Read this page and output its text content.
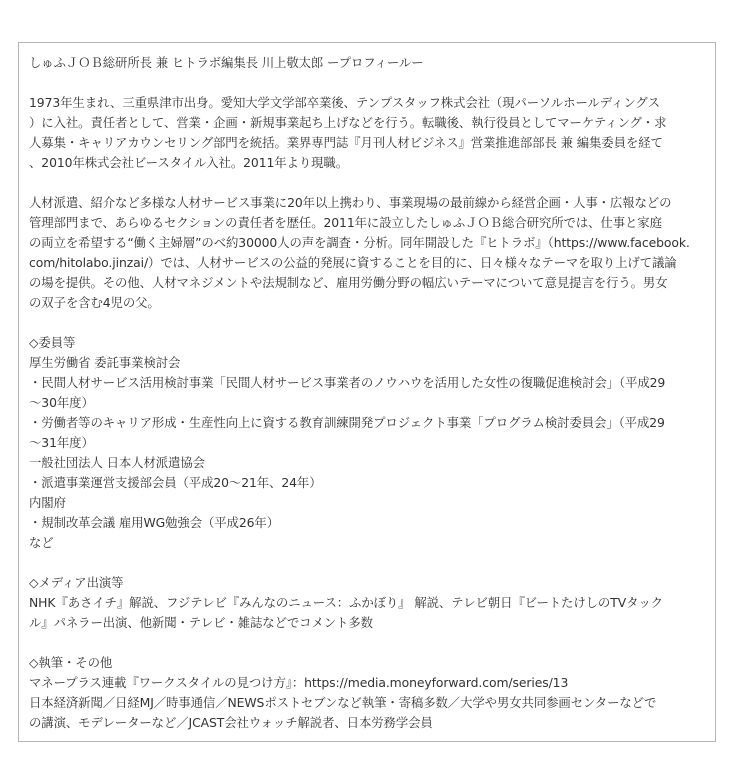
しゅふＪＯＢ総研所長 兼 ヒトラボ編集長 川上敬太郎 ープロフィールー
1973年生まれ、三重県津市出身。愛知大学文学部卒業後、テンプスタッフ株式会社（現パーソルホールディングス
）に入社。責任者として、営業・企画・新規事業起ち上げなどを行う。転職後、執行役員としてマーケティング・求
人募集・キャリアカウンセリング部門を統括。業界専門誌『月刊人材ビジネス』営業推進部部長 兼 編集委員を経て
、2010年株式会社ビースタイル入社。2011年より現職。
人材派遣、紹介など多様な人材サービス事業に20年以上携わり、事業現場の最前線から経営企画・人事・広報などの
管理部門まで、あらゆるセクションの責任者を歴任。2011年に設立したしゅふＪＯＢ総合研究所では、仕事と家庭
の両立を希望する“働く主婦層”のべ約30000人の声を調査・分析。同年開設した『ヒトラボ』（https://www.facebook.
com/hitolabo.jinzai/）では、人材サービスの公益的発展に資することを目的に、日々様々なテーマを取り上げて議論
の場を提供。その他、人材マネジメントや法規制など、雇用労働分野の幅広いテーマについて意見提言を行う。男女
の双子を含む4児の父。
◇委員等
厚生労働省 委託事業検討会
・民間人材サービス活用検討事業「民間人材サービス事業者のノウハウを活用した女性の復職促進検討会」（平成29
〜30年度）
・労働者等のキャリア形成・生産性向上に資する教育訓練開発プロジェクト事業「プログラム検討委員会」（平成29
〜31年度）
一般社団法人 日本人材派遣協会
・派遣事業運営支援部会員（平成20〜21年、24年）
内閣府
・規制改革会議 雇用WG勉強会（平成26年）
など
◇メディア出演等
NHK『あさイチ』解説、フジテレビ『みんなのニュース：ふかぼり』 解説、テレビ朝日『ビートたけしのTVタック
ル』パネラー出演、他新聞・テレビ・雑誌などでコメント多数
◇執筆・その他
マネープラス連載『ワークスタイルの見つけ方』：https://media.moneyforward.com/series/13
日本経済新聞／日経MJ／時事通信／NEWSポストセブンなど執筆・寄稿多数／大学や男女共同参画センターなどで
の講演、モデレーターなど／JCAST会社ウォッチ解説者、日本労務学会員
